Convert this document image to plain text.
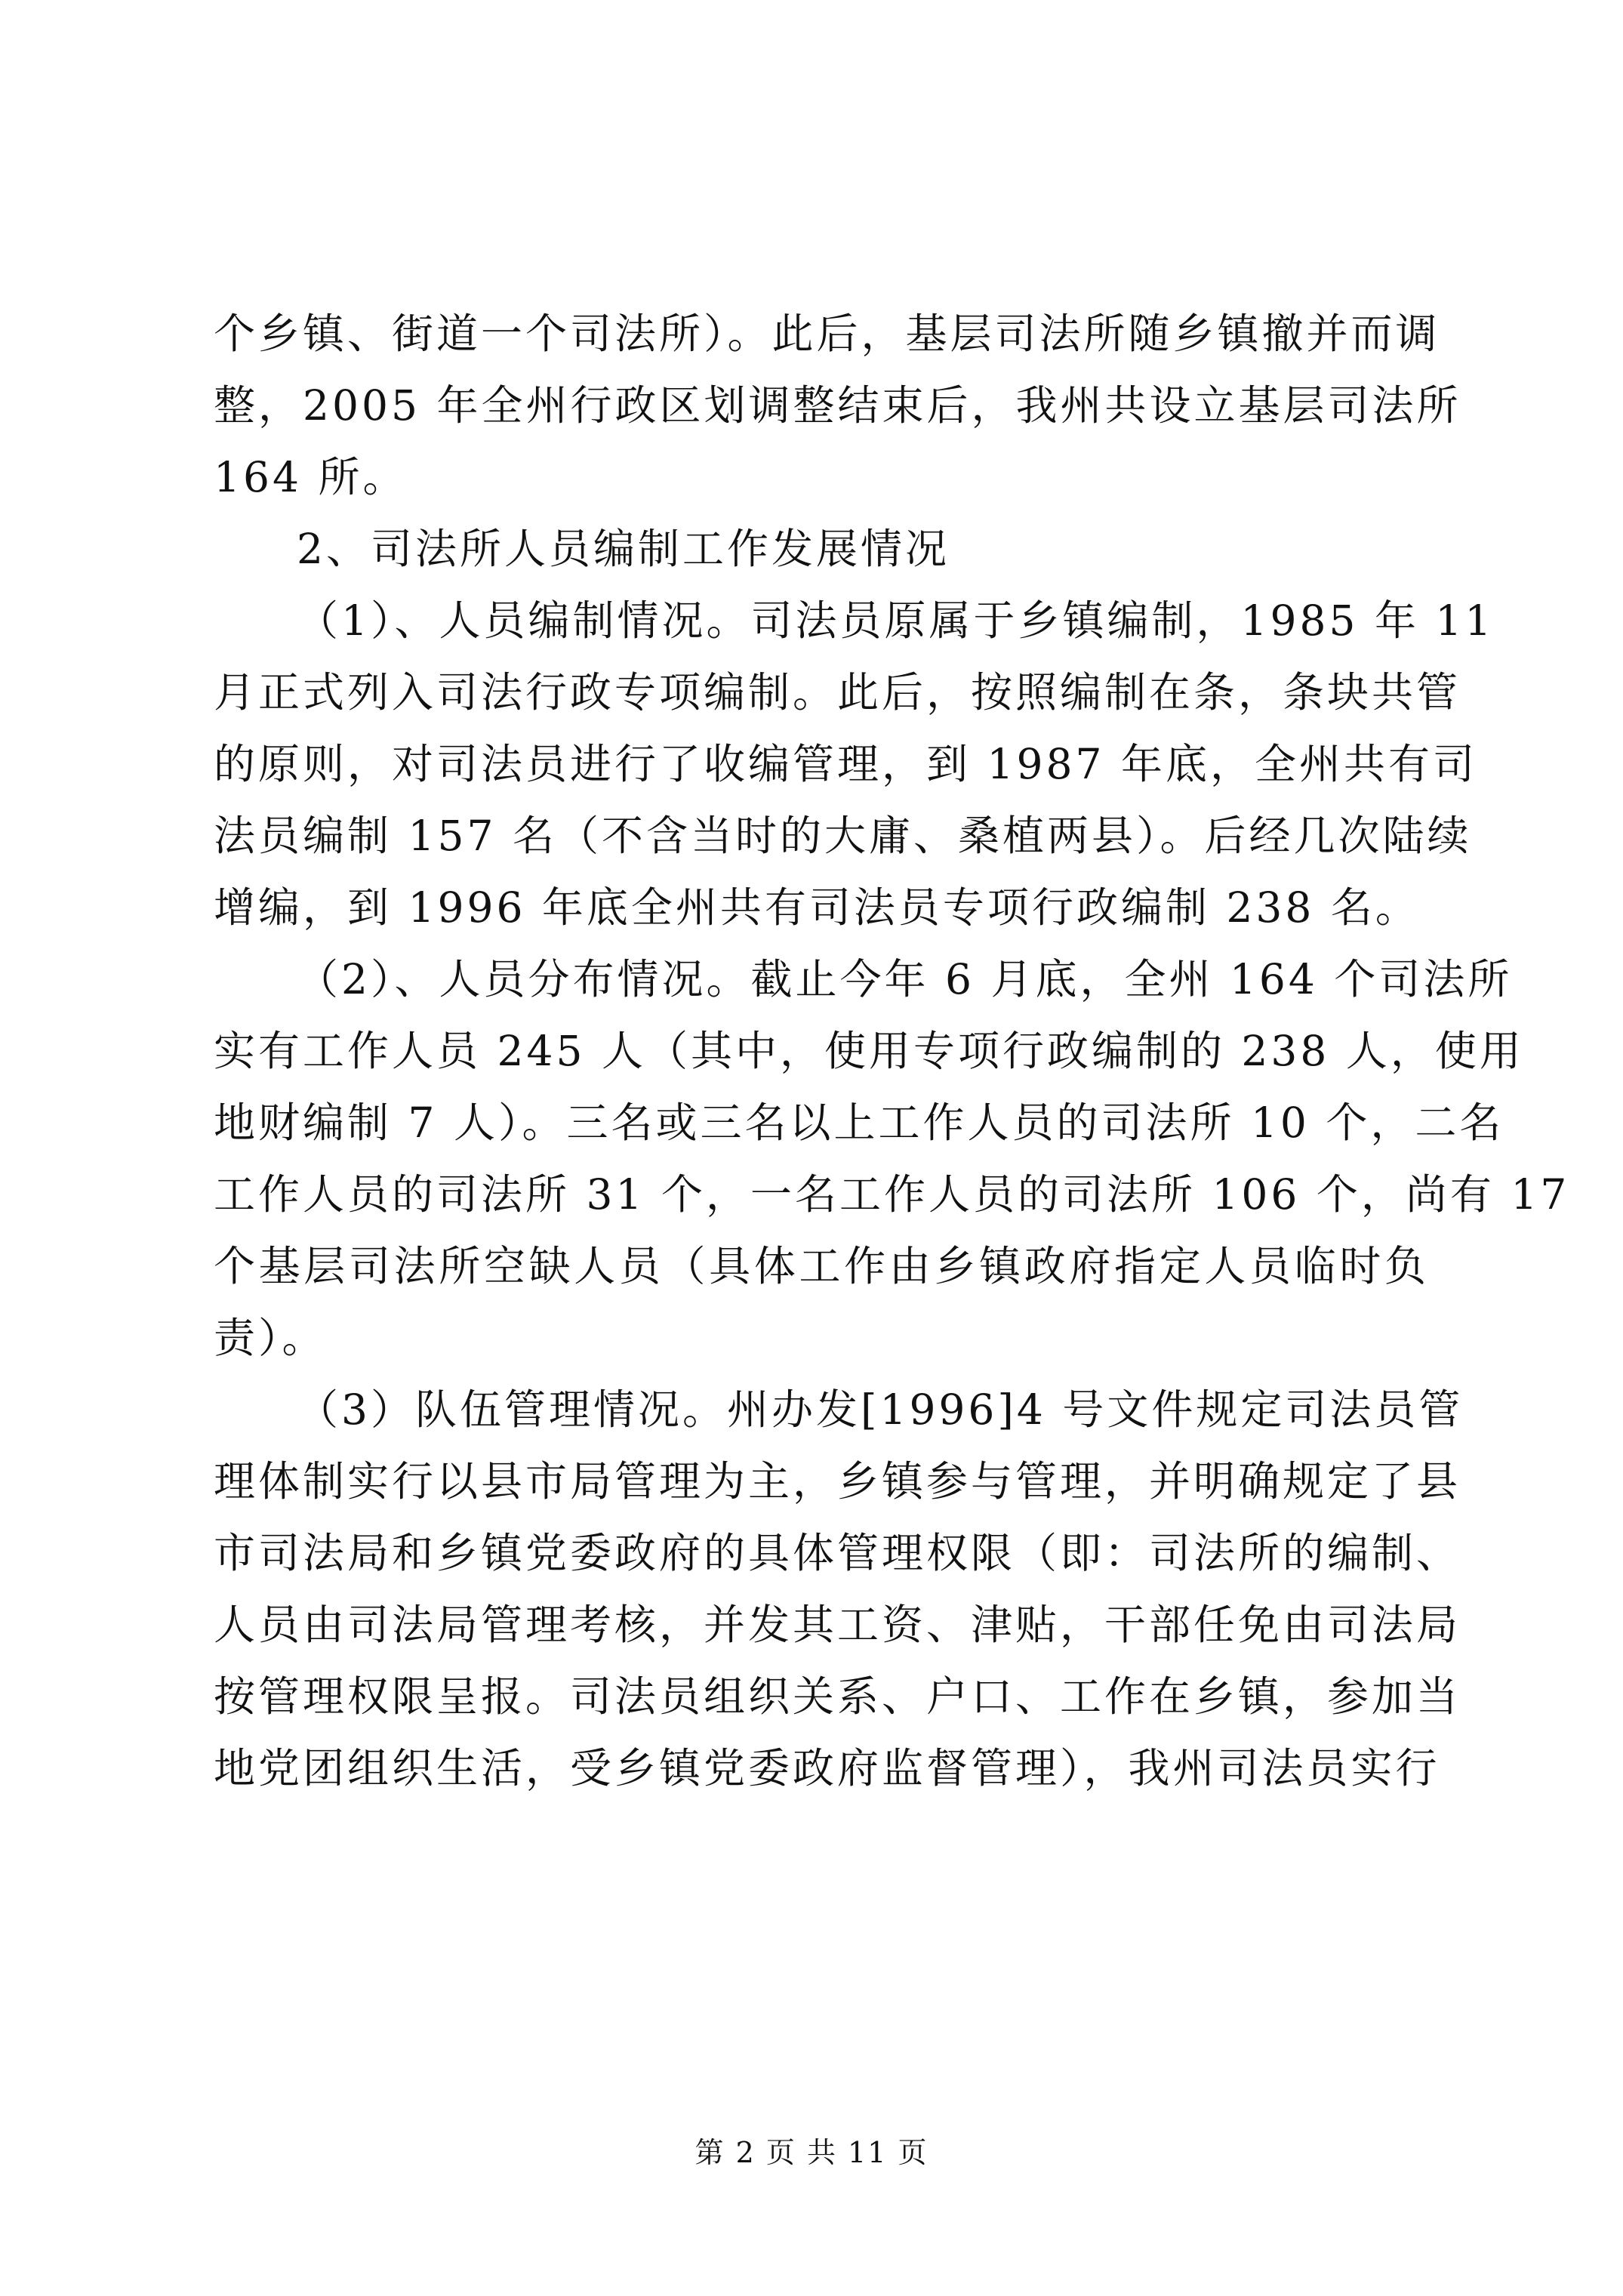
个乡镇、街道一个司法所）。此后，基层司法所随乡镇撤并而调
整，2005 年全州行政区划调整结束后，我州共设立基层司法所
164 所。
2、司法所人员编制工作发展情况
（1）、人员编制情况。司法员原属于乡镇编制，1985 年 11
月正式列入司法行政专项编制。此后，按照编制在条，条块共管
的原则，对司法员进行了收编管理，到 1987 年底，全州共有司
法员编制 157 名（不含当时的大庸、桑植两县）。后经几次陆续
增编，到 1996 年底全州共有司法员专项行政编制 238 名。
（2）、人员分布情况。截止今年 6 月底，全州 164 个司法所
实有工作人员 245 人（其中，使用专项行政编制的 238 人，使用
地财编制 7 人）。三名或三名以上工作人员的司法所 10 个，二名
工作人员的司法所 31 个，一名工作人员的司法所 106 个，尚有 17
个基层司法所空缺人员（具体工作由乡镇政府指定人员临时负
责）。
（3）队伍管理情况。州办发[1996]4 号文件规定司法员管
理体制实行以县市局管理为主，乡镇参与管理，并明确规定了县
市司法局和乡镇党委政府的具体管理权限（即：司法所的编制、
人员由司法局管理考核，并发其工资、津贴，干部任免由司法局
按管理权限呈报。司法员组织关系、户口、工作在乡镇，参加当
地党团组织生活，受乡镇党委政府监督管理），我州司法员实行
第 2 页 共 11 页
